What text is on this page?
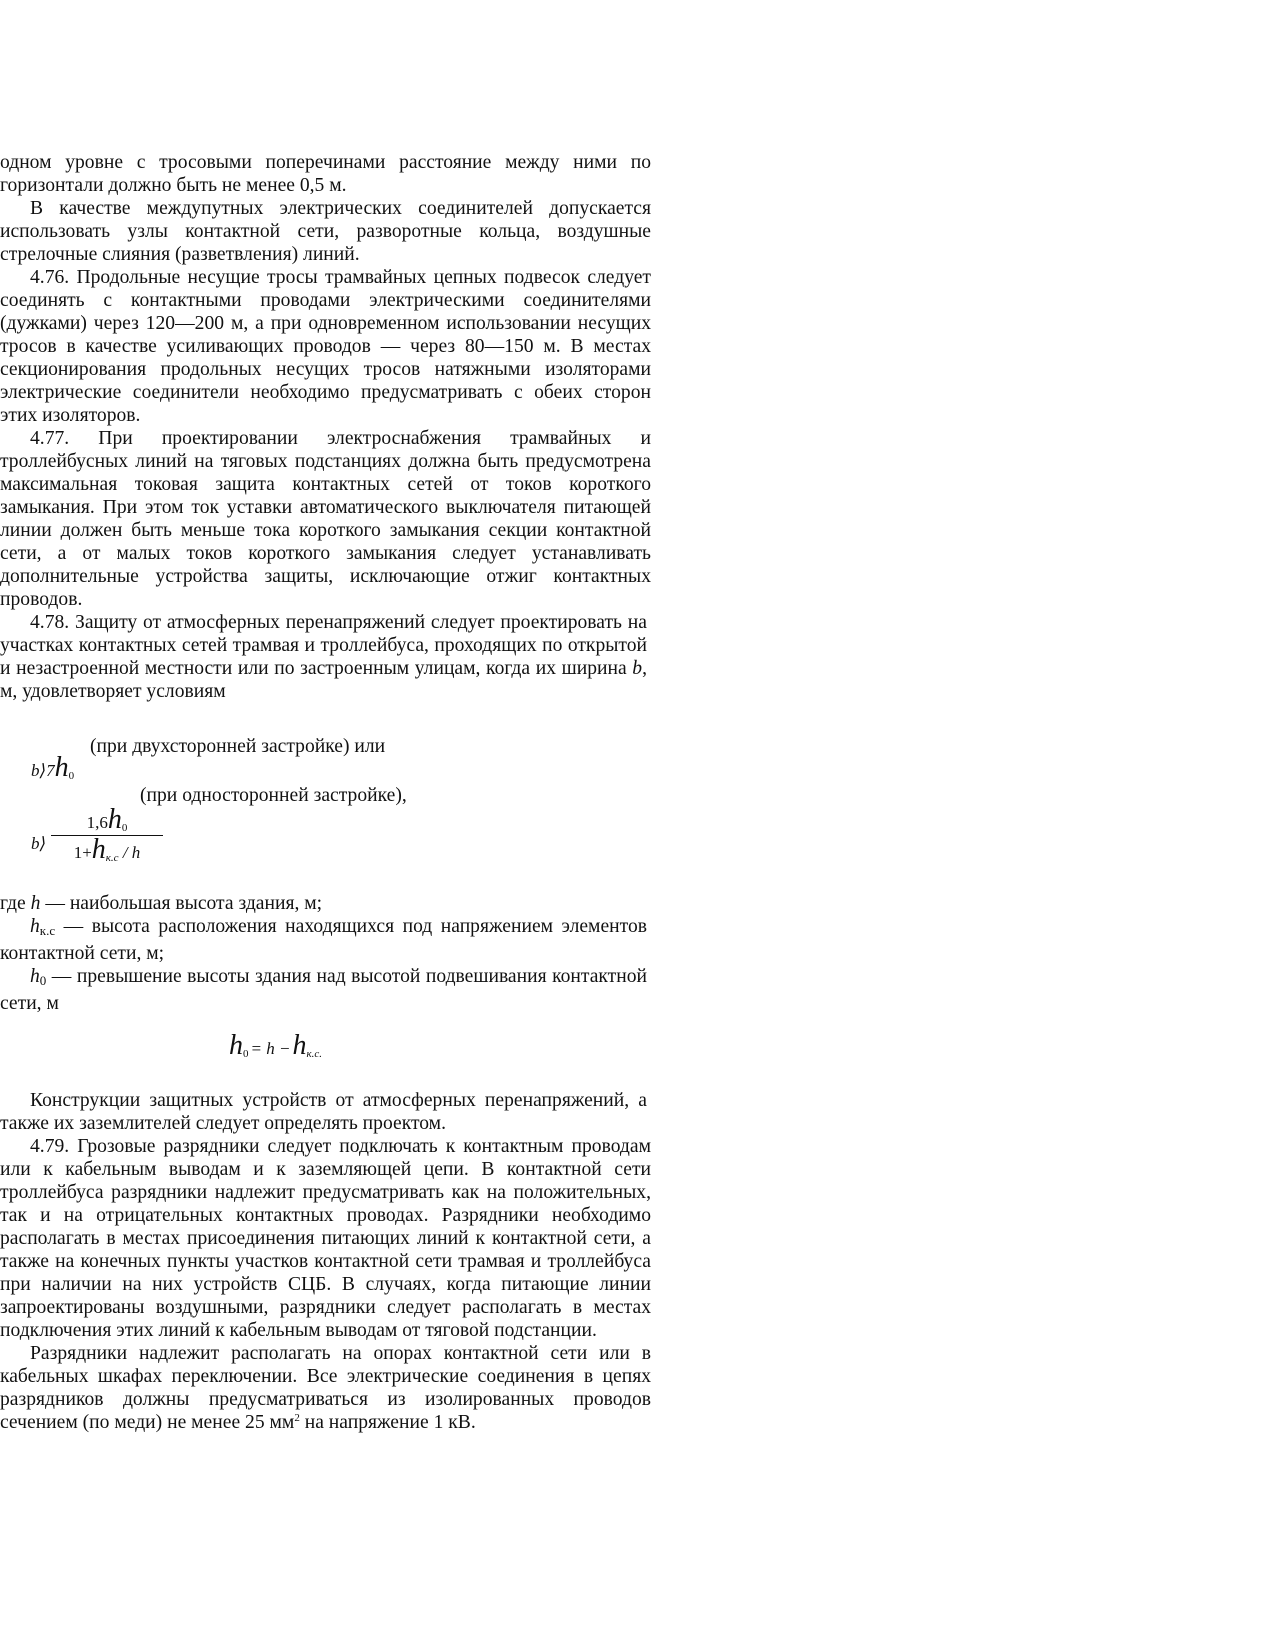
одном уровне с тросовыми поперечинами расстояние между ними по горизонтали должно быть не менее 0,5 м.

В качестве междупутных электрических соединителей допускается использовать узлы контактной сети, разворотные кольца, воздушные стрелочные слияния (разветвления) линий.

4.76. Продольные несущие тросы трамвайных цепных подвесок следует соединять с контактными проводами электрическими соединителями (дужками) через 120—200 м, а при одновременном использовании несущих тросов в качестве усиливающих проводов — через 80—150 м. В местах секционирования продольных несущих тросов натяжными изоляторами электрические соединители необходимо предусматривать с обеих сторон этих изоляторов.

4.77. При проектировании электроснабжения трамвайных и троллейбусных линий на тяговых подстанциях должна быть предусмотрена максимальная токовая защита контактных сетей от токов короткого замыкания. При этом ток уставки автоматического выключателя питающей линии должен быть меньше тока короткого замыкания секции контактной сети, а от малых токов короткого замыкания следует устанавливать дополнительные устройства защиты, исключающие отжиг контактных проводов.

4.78. Защиту от атмосферных перенапряжений следует проектировать на участках контактных сетей трамвая и троллейбуса, проходящих по открытой и незастроенной местности или по застроенным улицам, когда их ширина b, м, удовлетворяет условиям

(при двухсторонней застройке) или
b⟩7h0
(при односторонней застройке),
b⟩
1,6h0
1+hк.с / h

где h — наибольшая высота здания, м;

hк.с — высота расположения находящихся под напряжением элементов контактной сети, м;

h0 — превышение высоты здания над высотой подвешивания контактной сети, м

h0 = h −hк.с.

Конструкции защитных устройств от атмосферных перенапряжений, а также их заземлителей следует определять проектом.

4.79. Грозовые разрядники следует подключать к контактным проводам или к кабельным выводам и к заземляющей цепи. В контактной сети троллейбуса разрядники надлежит предусматривать как на положительных, так и на отрицательных контактных проводах. Разрядники необходимо располагать в местах присоединения питающих линий к контактной сети, а также на конечных пункты участков контактной сети трамвая и троллейбуса при наличии на них устройств СЦБ. В случаях, когда питающие линии запроектированы воздушными, разрядники следует располагать в местах подключения этих линий к кабельным выводам от тяговой подстанции.

Разрядники надлежит располагать на опорах контактной сети или в кабельных шкафах переключении. Все электрические соединения в цепях разрядников должны предусматриваться из изолированных проводов сечением (по меди) не менее 25 $мм^2$ на напряжение 1 кВ.
